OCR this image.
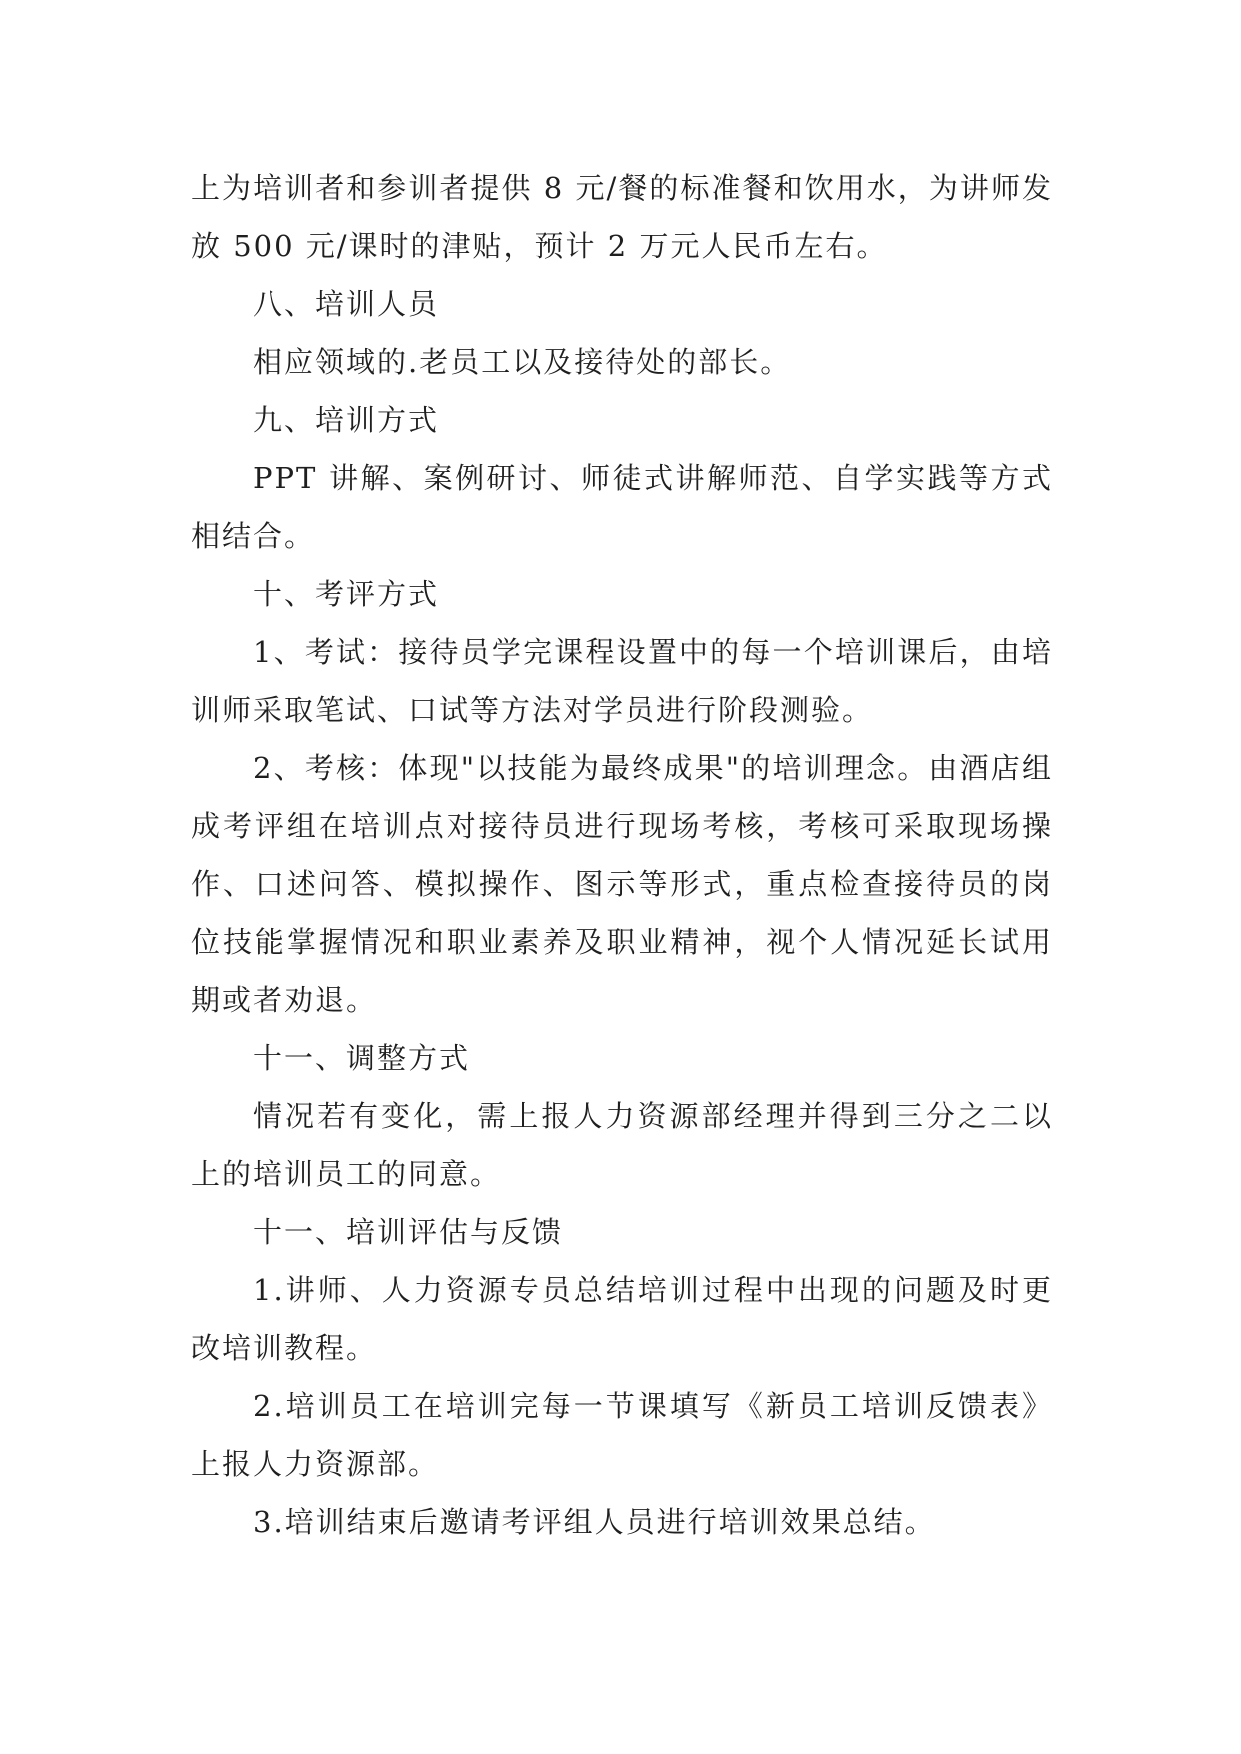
上为培训者和参训者提供 8 元/餐的标准餐和饮用水，为讲师发放 500 元/课时的津贴，预计 2 万元人民币左右。

八、培训人员

相应领域的.老员工以及接待处的部长。

九、培训方式

PPT 讲解、案例研讨、师徒式讲解师范、自学实践等方式相结合。

十、考评方式

1、考试：接待员学完课程设置中的每一个培训课后，由培训师采取笔试、口试等方法对学员进行阶段测验。

2、考核：体现"以技能为最终成果"的培训理念。由酒店组成考评组在培训点对接待员进行现场考核，考核可采取现场操作、口述问答、模拟操作、图示等形式，重点检查接待员的岗位技能掌握情况和职业素养及职业精神，视个人情况延长试用期或者劝退。

十一、调整方式

情况若有变化，需上报人力资源部经理并得到三分之二以上的培训员工的同意。

十一、培训评估与反馈

1.讲师、人力资源专员总结培训过程中出现的问题及时更改培训教程。

2.培训员工在培训完每一节课填写《新员工培训反馈表》上报人力资源部。

3.培训结束后邀请考评组人员进行培训效果总结。
